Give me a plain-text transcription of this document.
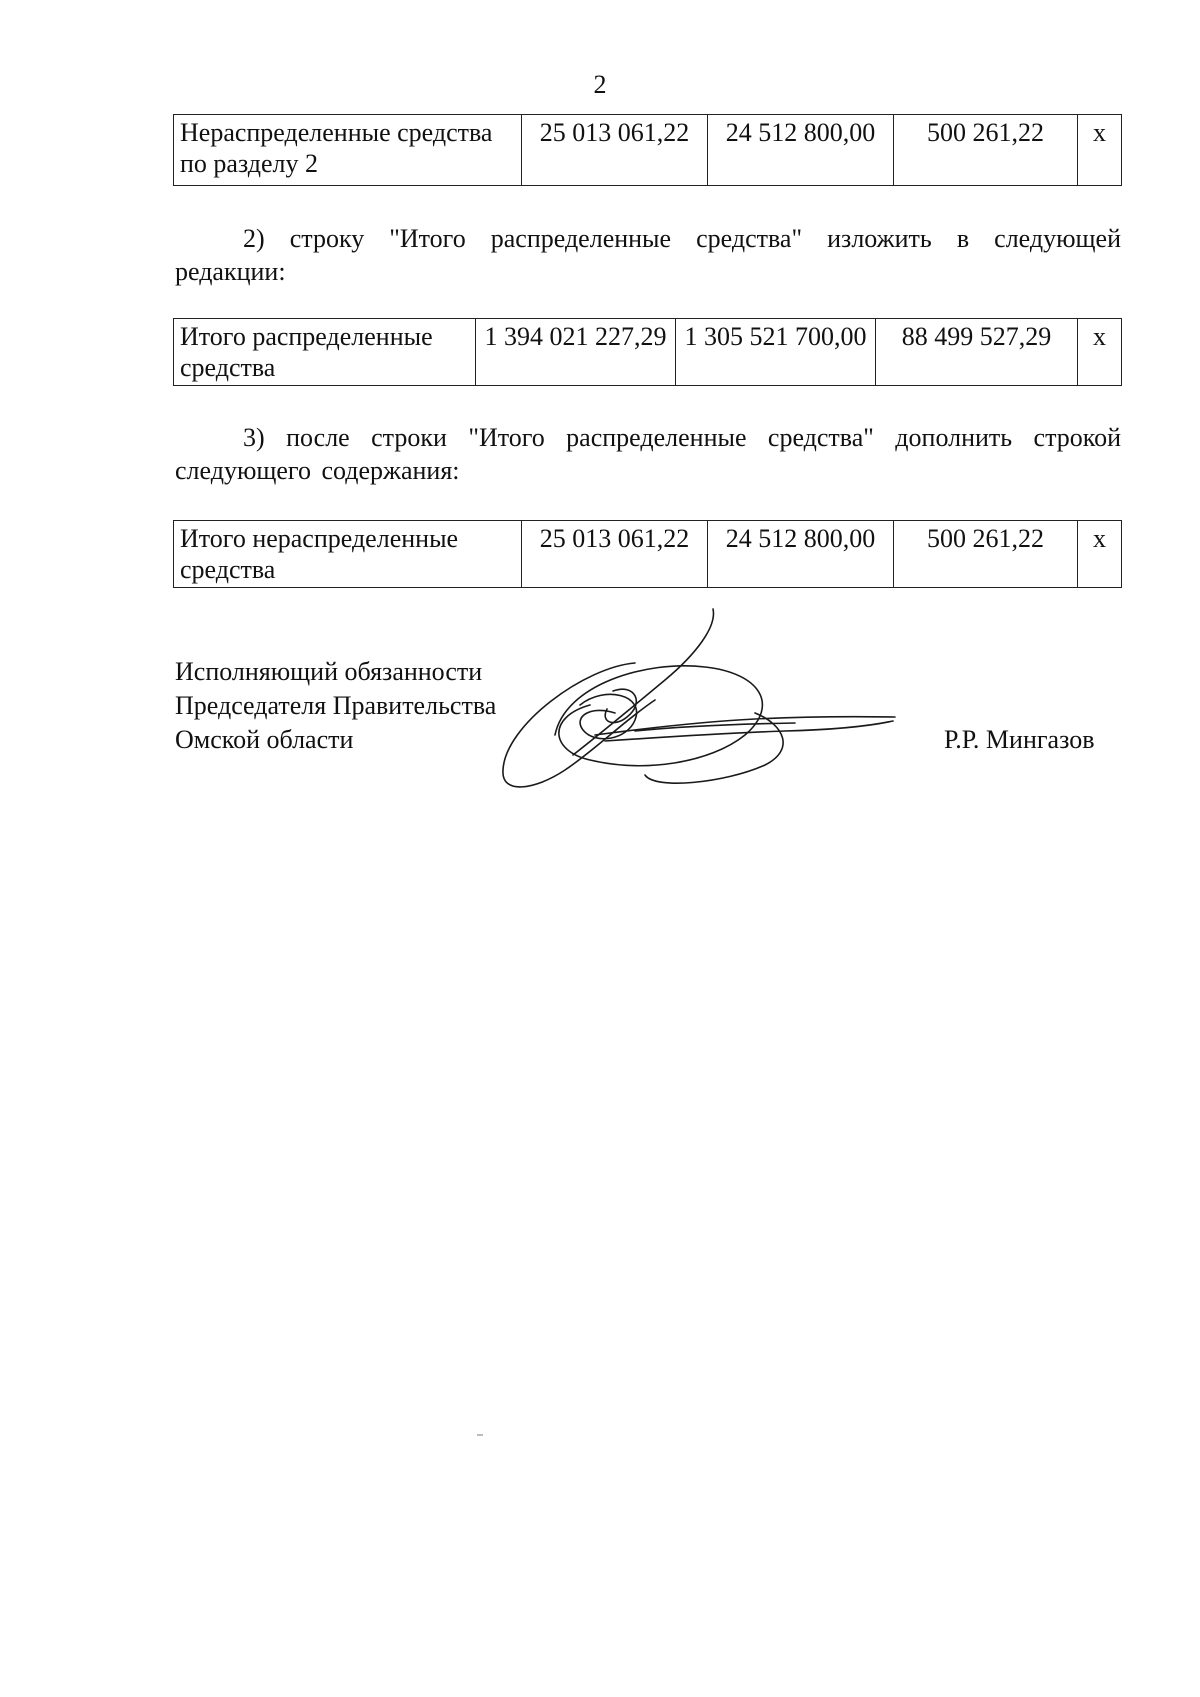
2
Нераспределенные средства по разделу 2	25 013 061,22	24 512 800,00	500 261,22	х
2) строку "Итого распределенные средства" изложить в следующей редакции:
Итого распределенные средства	1 394 021 227,29	1 305 521 700,00	88 499 527,29	х
3) после строки "Итого распределенные средства" дополнить строкой следующего содержания:
Итого нераспределенные средства	25 013 061,22	24 512 800,00	500 261,22	х
Исполняющий обязанности
Председателя Правительства
Омской области	Р.Р. Мингазов
